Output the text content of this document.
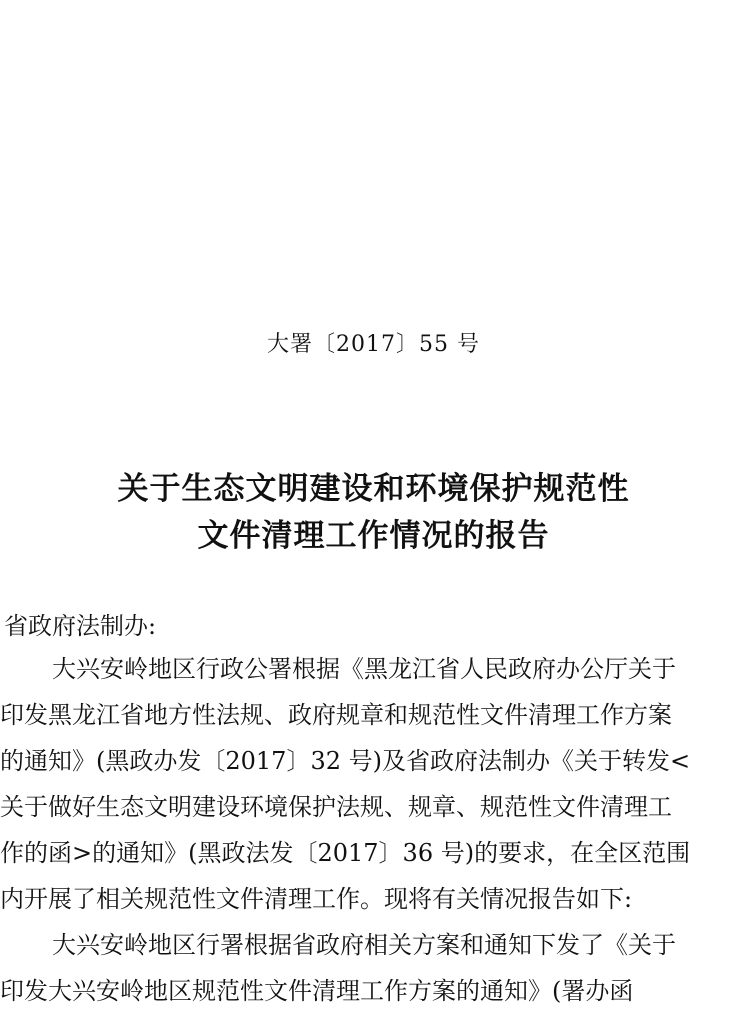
大署〔2017〕55 号
关于生态文明建设和环境保护规范性
文件清理工作情况的报告
省政府法制办:
大兴安岭地区行政公署根据《黑龙江省人民政府办公厅关于
印发黑龙江省地方性法规、政府规章和规范性文件清理工作方案
的通知》(黑政办发〔2017〕32 号)及省政府法制办《关于转发<
关于做好生态文明建设环境保护法规、规章、规范性文件清理工
作的函>的通知》(黑政法发〔2017〕36 号)的要求，在全区范围
内开展了相关规范性文件清理工作。现将有关情况报告如下:
大兴安岭地区行署根据省政府相关方案和通知下发了《关于
印发大兴安岭地区规范性文件清理工作方案的通知》(署办函
